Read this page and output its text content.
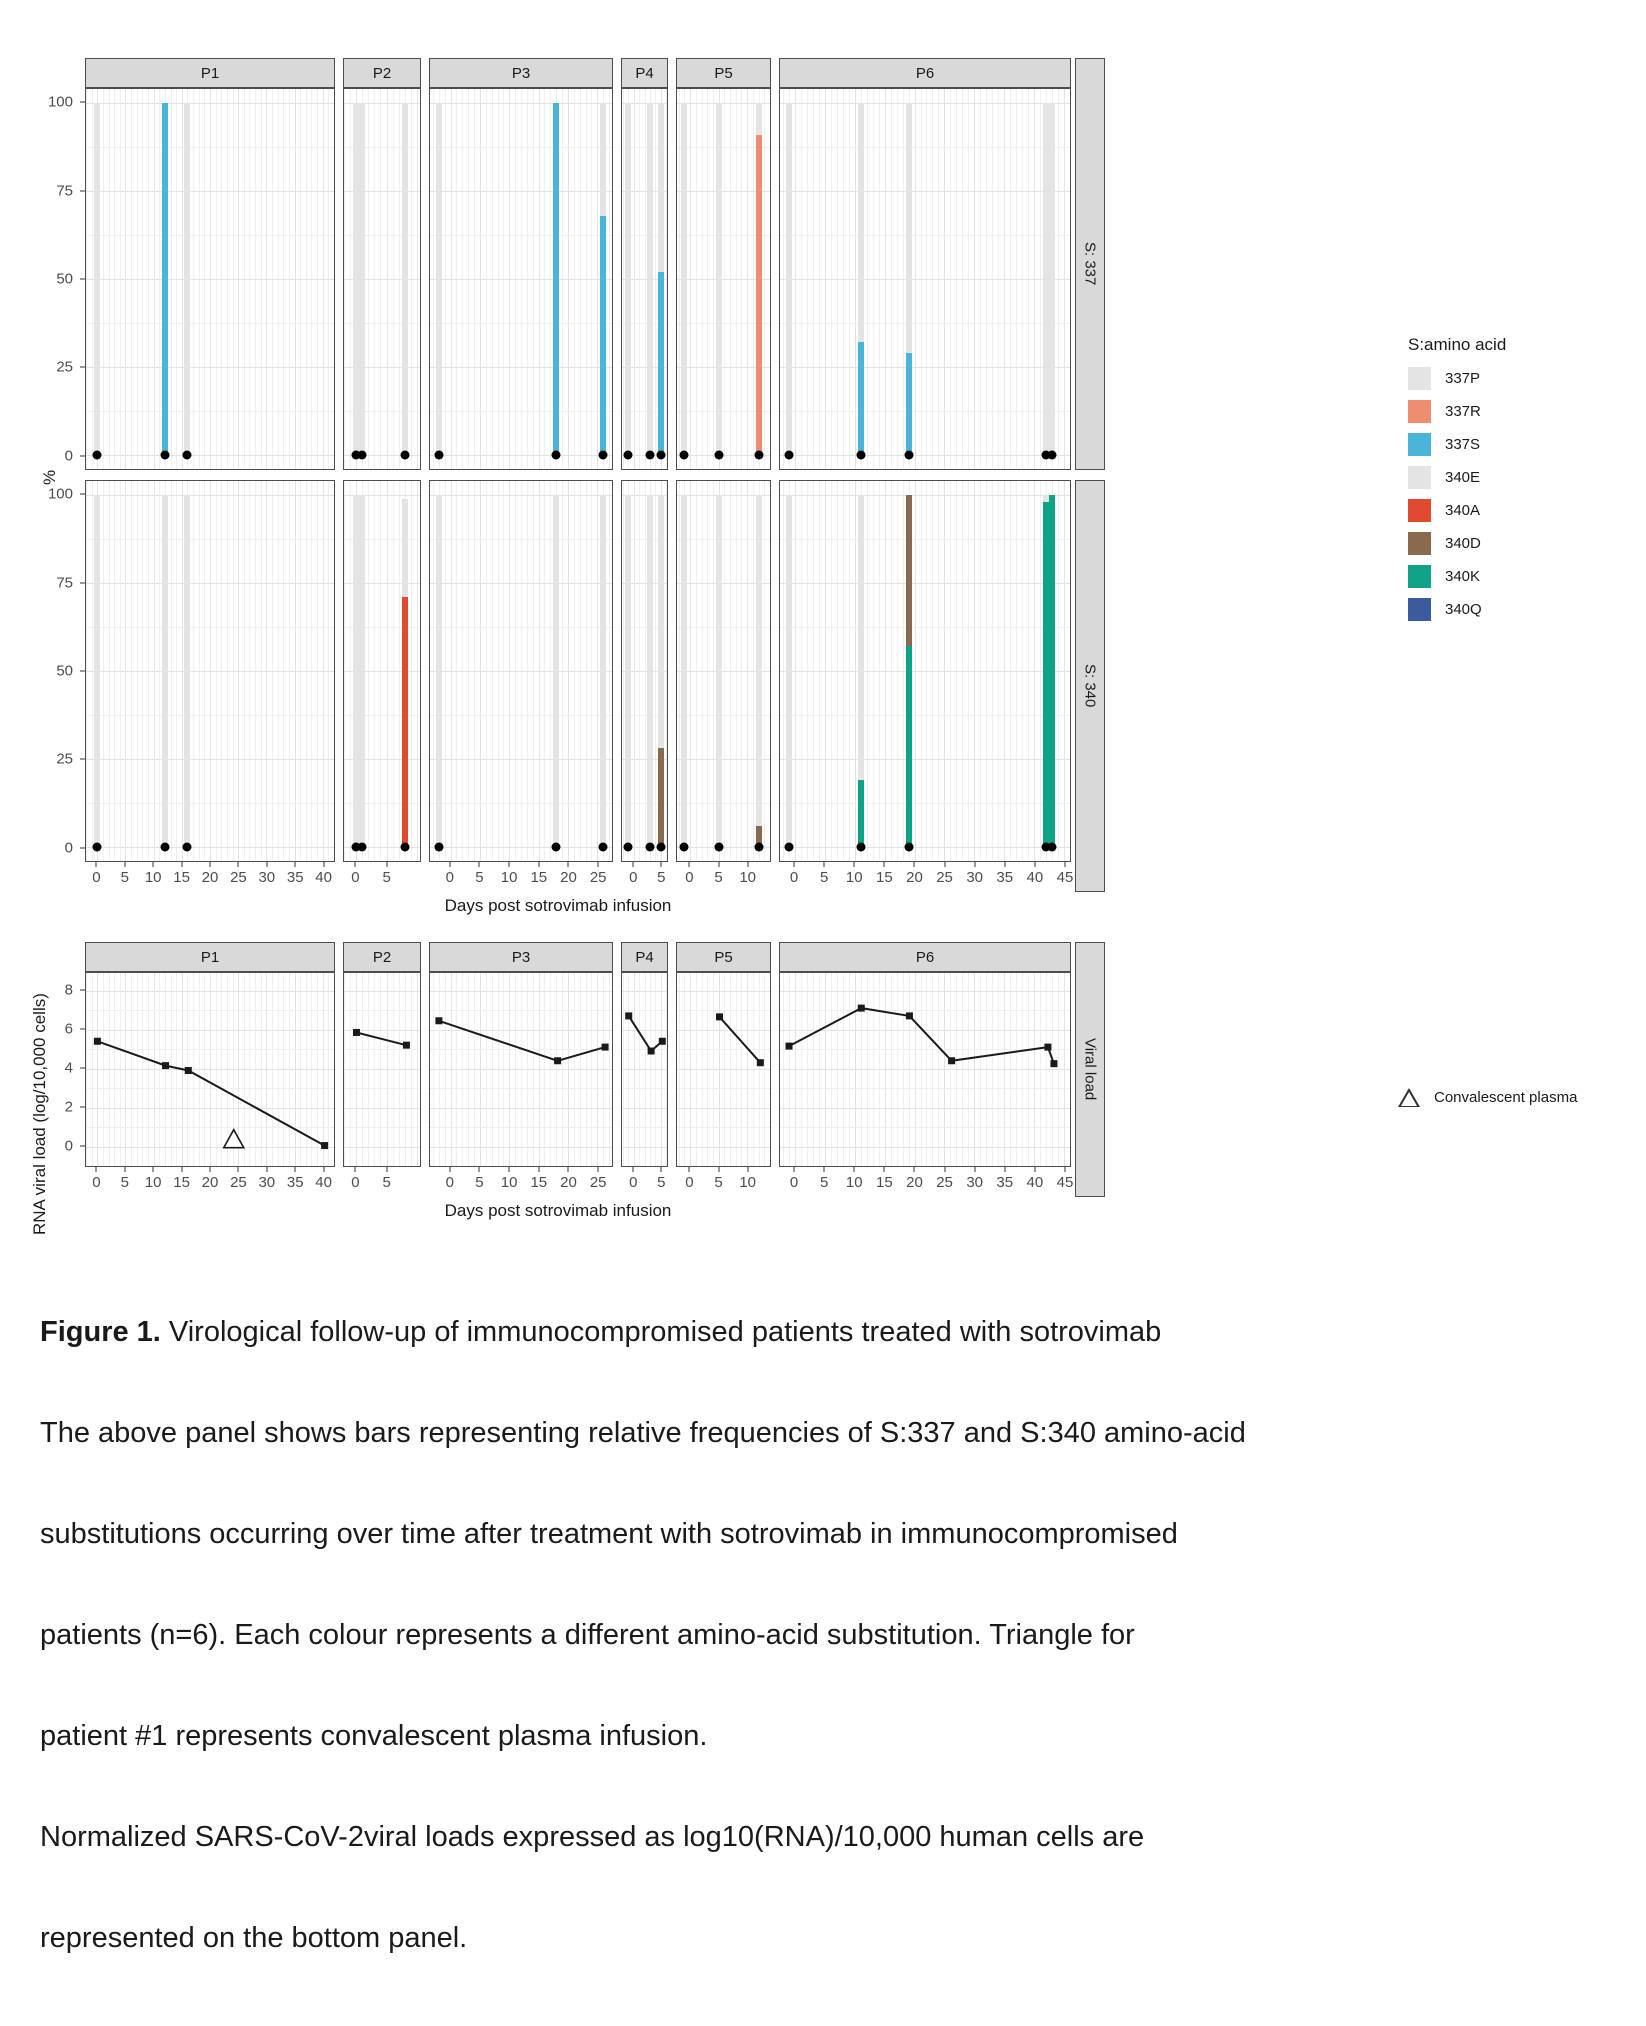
100
75
50
25
0
P1	P2	P3	P4	P5	P6
S: 337
100
75
50
25
0
0 5 10 15 20 25 30 35 40 0 5	0 5 10 15 20 25 0 5 0 5 10 0 5 10 15 20 25 30 35 40 45
S: 340
Days post sotrovimab infusion
%
8
6
4
2
0
P1
0 5 10 15 20 25 30 35 40
P2
0 5
P3
0 5 10 15 20 25
P4
0 5
P5
0 5 10
P6
0 5 10 15 20 25 30 35 40 45
Viral load
Days post sotrovimab infusion
RNA viral load (log/10,000 cells)
S:amino acid
337P
337R
337S
340E
340A
340D
340K
340Q
Convalescent plasma

Figure 1. Virological follow-up of immunocompromised patients treated with sotrovimab

The above panel shows bars representing relative frequencies of S:337 and S:340 amino-acid

substitutions occurring over time after treatment with sotrovimab in immunocompromised

patients (n=6). Each colour represents a different amino-acid substitution. Triangle for

patient #1 represents convalescent plasma infusion.

Normalized SARS-CoV-2viral loads expressed as log10(RNA)/10,000 human cells are

represented on the bottom panel.
